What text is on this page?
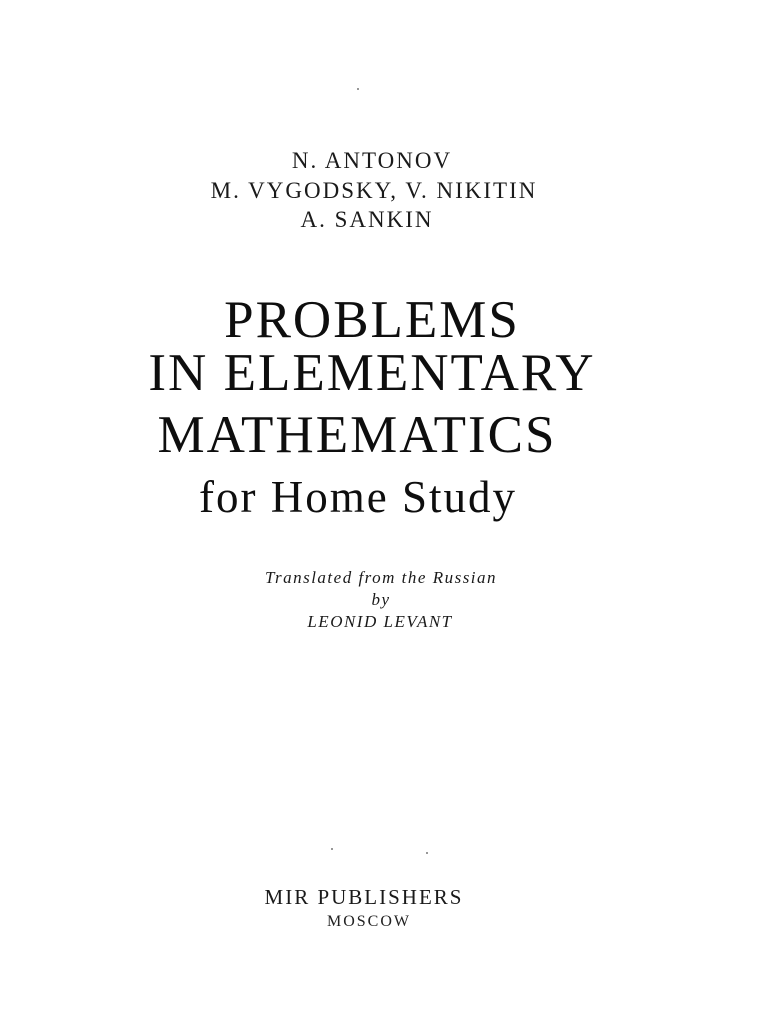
N. ANTONOV
M. VYGODSKY, V. NIKITIN
A. SANKIN
PROBLEMS
IN ELEMENTARY
MATHEMATICS
for Home Study
Translated from the Russian
by
LEONID LEVANT
MIR PUBLISHERS
MOSCOW
